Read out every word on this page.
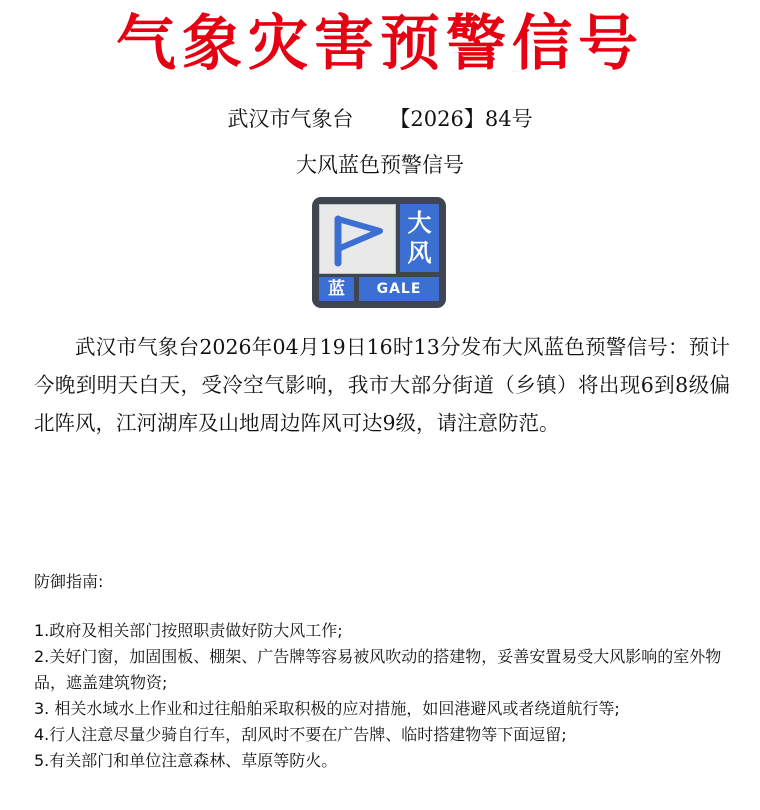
气象灾害预警信号
武汉市气象台 【2026】84号
大风蓝色预警信号
大
风
蓝	GALE
武汉市气象台2026年04月19日16时13分发布大风蓝色预警信号：预计今晚到明天白天，受冷空气影响，我市大部分街道（乡镇）将出现6到8级偏北阵风，江河湖库及山地周边阵风可达9级，请注意防范。
防御指南:
1.政府及相关部门按照职责做好防大风工作;
2.关好门窗，加固围板、棚架、广告牌等容易被风吹动的搭建物，妥善安置易受大风影响的室外物品，遮盖建筑物资;
3. 相关水域水上作业和过往船舶采取积极的应对措施，如回港避风或者绕道航行等;
4.行人注意尽量少骑自行车，刮风时不要在广告牌、临时搭建物等下面逗留;
5.有关部门和单位注意森林、草原等防火。
